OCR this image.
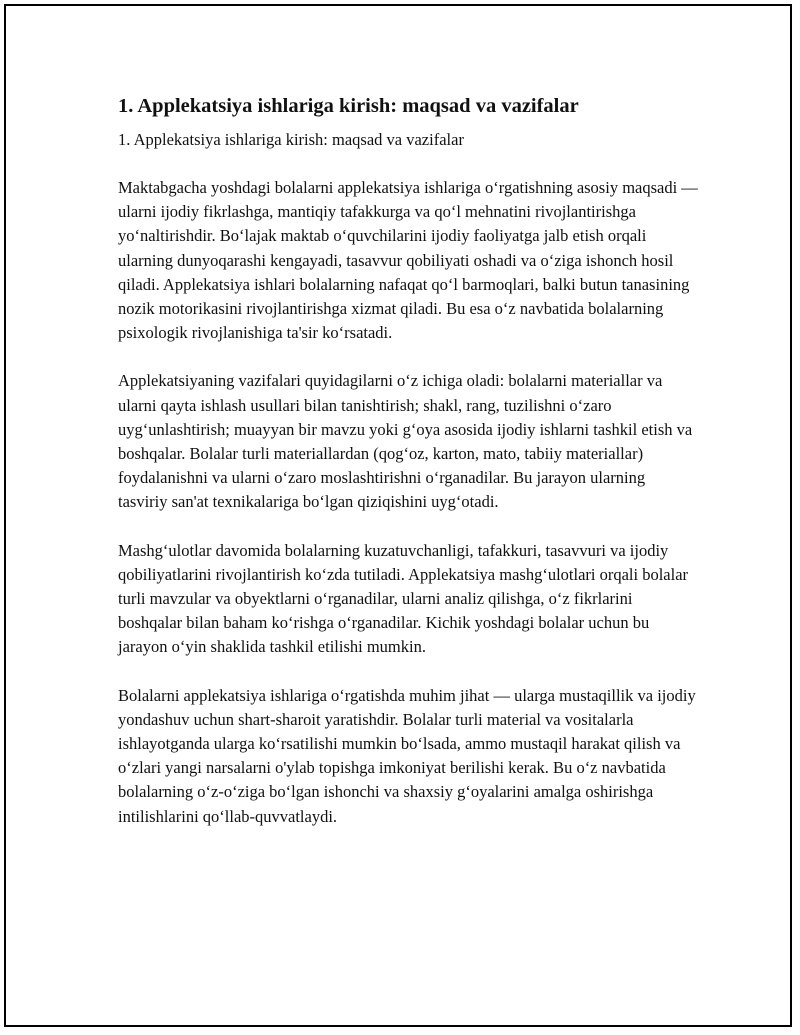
1. Applekatsiya ishlariga kirish: maqsad va vazifalar

1. Applekatsiya ishlariga kirish: maqsad va vazifalar

Maktabgacha yoshdagi bolalarni applekatsiya ishlariga o‘rgatishning asosiy maqsadi — ularni ijodiy fikrlashga, mantiqiy tafakkurga va qo‘l mehnatini rivojlantirishga yo‘naltirishdir. Bo‘lajak maktab o‘quvchilarini ijodiy faoliyatga jalb etish orqali ularning dunyoqarashi kengayadi, tasavvur qobiliyati oshadi va o‘ziga ishonch hosil qiladi. Applekatsiya ishlari bolalarning nafaqat qo‘l barmoqlari, balki butun tanasining nozik motorikasini rivojlantirishga xizmat qiladi. Bu esa o‘z navbatida bolalarning psixologik rivojlanishiga ta'sir ko‘rsatadi.

Applekatsiyaning vazifalari quyidagilarni o‘z ichiga oladi: bolalarni materiallar va ularni qayta ishlash usullari bilan tanishtirish; shakl, rang, tuzilishni o‘zaro uyg‘unlashtirish; muayyan bir mavzu yoki g‘oya asosida ijodiy ishlarni tashkil etish va boshqalar. Bolalar turli materiallardan (qog‘oz, karton, mato, tabiiy materiallar) foydalanishni va ularni o‘zaro moslashtirishni o‘rganadilar. Bu jarayon ularning tasviriy san'at texnikalariga bo‘lgan qiziqishini uyg‘otadi.

Mashg‘ulotlar davomida bolalarning kuzatuvchanligi, tafakkuri, tasavvuri va ijodiy qobiliyatlarini rivojlantirish ko‘zda tutiladi. Applekatsiya mashg‘ulotlari orqali bolalar turli mavzular va obyektlarni o‘rganadilar, ularni analiz qilishga, o‘z fikrlarini boshqalar bilan baham ko‘rishga o‘rganadilar. Kichik yoshdagi bolalar uchun bu jarayon o‘yin shaklida tashkil etilishi mumkin.

Bolalarni applekatsiya ishlariga o‘rgatishda muhim jihat — ularga mustaqillik va ijodiy yondashuv uchun shart-sharoit yaratishdir. Bolalar turli material va vositalarla ishlayotganda ularga ko‘rsatilishi mumkin bo‘lsada, ammo mustaqil harakat qilish va o‘zlari yangi narsalarni o'ylab topishga imkoniyat berilishi kerak. Bu o‘z navbatida bolalarning o‘z-o‘ziga bo‘lgan ishonchi va shaxsiy g‘oyalarini amalga oshirishga intilishlarini qo‘llab-quvvatlaydi.
